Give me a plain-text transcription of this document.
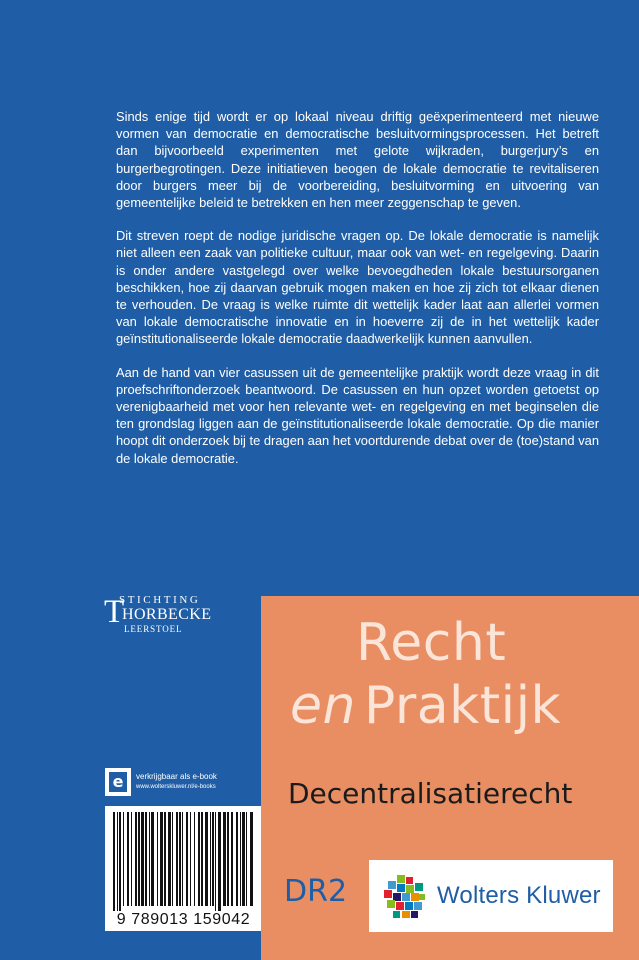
Sinds enige tijd wordt er op lokaal niveau driftig geëxperimenteerd met nieuwe vormen van democratie en democratische besluitvormingsprocessen. Het betreft dan bijvoorbeeld experimenten met gelote wijkraden, burgerjury’s en burgerbegrotingen. Deze initiatieven beogen de lokale democratie te revitaliseren door burgers meer bij de voorbereiding, besluitvorming en uitvoering van gemeentelijke beleid te betrekken en hen meer zeggenschap te geven.

Dit streven roept de nodige juridische vragen op. De lokale democratie is namelijk niet alleen een zaak van politieke cultuur, maar ook van wet- en regelgeving. Daarin is onder andere vastgelegd over welke bevoegdheden lokale bestuursorganen beschikken, hoe zij daarvan gebruik mogen maken en hoe zij zich tot elkaar dienen te verhouden. De vraag is welke ruimte dit wettelijk kader laat aan allerlei vormen van lokale democratische innovatie en in hoeverre zij de in het wettelijk kader geïnstitutionaliseerde lokale democratie daadwerkelijk kunnen aanvullen.

Aan de hand van vier casussen uit de gemeentelijke praktijk wordt deze vraag in dit proefschriftonderzoek beantwoord. De casussen en hun opzet worden getoetst op verenigbaarheid met voor hen relevante wet- en regelgeving en met beginselen die ten grondslag liggen aan de geïnstitutionaliseerde lokale democratie. Op die manier hoopt dit onderzoek bij te dragen aan het voortdurende debat over de (toe)stand van de lokale democratie.

STICHTING
T
HORBECKE
LEERSTOEL
e	verkrijgbaar als e-book
www.wolterskluwer.nl/e-books
9 789013 159042
Recht
en Praktijk
Decentralisatierecht
DR2	Wolters Kluwer
